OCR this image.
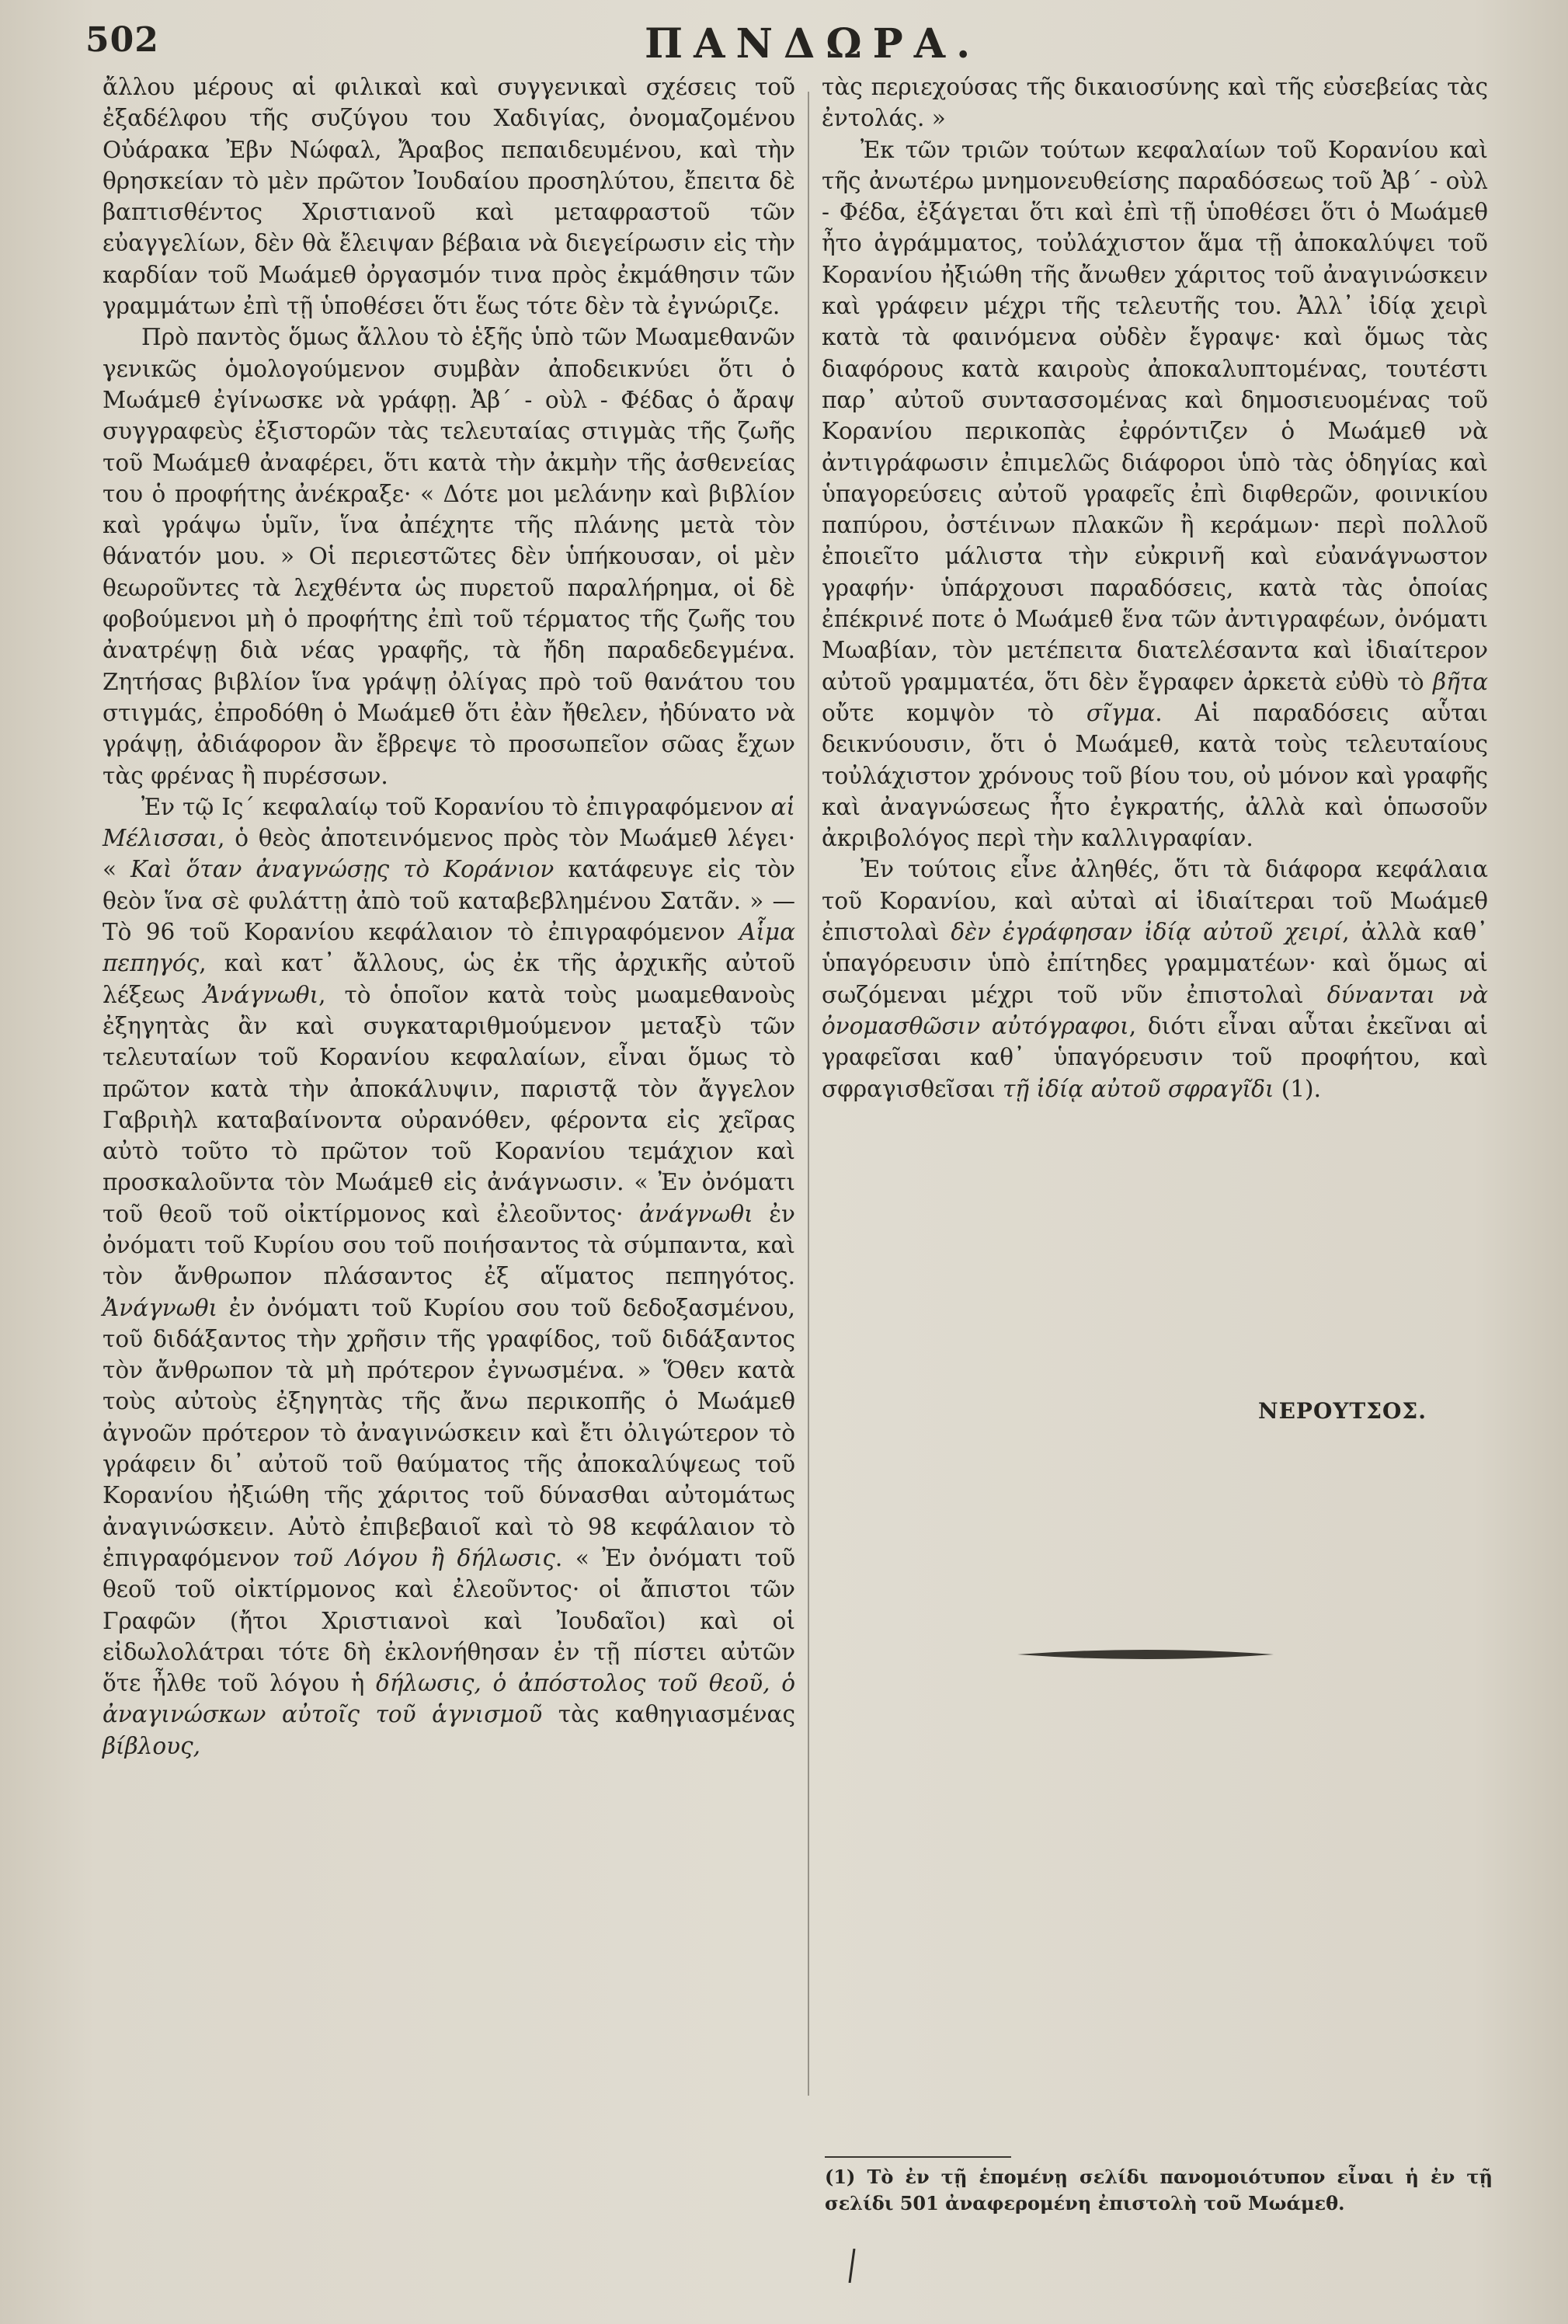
502	ΠΑΝΔΩΡΑ.

ἄλλου μέρους αἱ φιλικαὶ καὶ συγγενικαὶ σχέσεις τοῦ ἐξαδέλφου τῆς συζύγου του Χαδιγίας, ὀνομαζομένου Οὐάρακα Ἐβν Νώφαλ, Ἄραβος πεπαιδευμένου, καὶ τὴν θρησκείαν τὸ μὲν πρῶτον Ἰουδαίου προσηλύτου, ἔπειτα δὲ βαπτισθέντος Χριστιανοῦ καὶ μεταφραστοῦ τῶν εὐαγγελίων, δὲν θὰ ἔλειψαν βέβαια νὰ διεγείρωσιν εἰς τὴν καρδίαν τοῦ Μωάμεθ ὀργασμόν τινα πρὸς ἐκμάθησιν τῶν γραμμάτων ἐπὶ τῇ ὑποθέσει ὅτι ἕως τότε δὲν τὰ ἐγνώριζε.

Πρὸ παντὸς ὅμως ἄλλου τὸ ἑξῆς ὑπὸ τῶν Μωαμεθανῶν γενικῶς ὁμολογούμενον συμβὰν ἀποδεικνύει ὅτι ὁ Μωάμεθ ἐγίνωσκε νὰ γράφῃ. Ἀβ΄ - οὺλ - Φέδας ὁ ἄραψ συγγραφεὺς ἐξιστορῶν τὰς τελευταίας στιγμὰς τῆς ζωῆς τοῦ Μωάμεθ ἀναφέρει, ὅτι κατὰ τὴν ἀκμὴν τῆς ἀσθενείας του ὁ προφήτης ἀνέκραξε· « Δότε μοι μελάνην καὶ βιβλίον καὶ γράψω ὑμῖν, ἵνα ἀπέχητε τῆς πλάνης μετὰ τὸν θάνατόν μου. » Οἱ περιεστῶτες δὲν ὑπήκουσαν, οἱ μὲν θεωροῦντες τὰ λεχθέντα ὡς πυρετοῦ παραλήρημα, οἱ δὲ φοβούμενοι μὴ ὁ προφήτης ἐπὶ τοῦ τέρματος τῆς ζωῆς του ἀνατρέψῃ διὰ νέας γραφῆς, τὰ ἤδη παραδεδεγμένα. Ζητήσας βιβλίον ἵνα γράψῃ ὀλίγας πρὸ τοῦ θανάτου του στιγμάς, ἐπροδόθη ὁ Μωάμεθ ὅτι ἐὰν ἤθελεν, ἠδύνατο νὰ γράψῃ, ἀδιάφορον ἂν ἔβρεψε τὸ προσωπεῖον σῶας ἔχων τὰς φρένας ἢ πυρέσσων.

Ἐν τῷ Ις΄ κεφαλαίῳ τοῦ Κορανίου τὸ ἐπιγραφόμενον αἱ Μέλισσαι, ὁ θεὸς ἀποτεινόμενος πρὸς τὸν Μωάμεθ λέγει· « Καὶ ὅταν ἀναγνώσῃς τὸ Κοράνιον κατάφευγε εἰς τὸν θεὸν ἵνα σὲ φυλάττῃ ἀπὸ τοῦ καταβεβλημένου Σατᾶν. » — Τὸ 96 τοῦ Κορανίου κεφάλαιον τὸ ἐπιγραφόμενον Αἷμα πεπηγός, καὶ κατ᾽ ἄλλους, ὡς ἐκ τῆς ἀρχικῆς αὐτοῦ λέξεως Ἀνάγνωθι, τὸ ὁποῖον κατὰ τοὺς μωαμεθανοὺς ἐξηγητὰς ἂν καὶ συγκαταριθμούμενον μεταξὺ τῶν τελευταίων τοῦ Κορανίου κεφαλαίων, εἶναι ὅμως τὸ πρῶτον κατὰ τὴν ἀποκάλυψιν, παριστᾷ τὸν ἄγγελον Γαβριὴλ καταβαίνοντα οὐρανόθεν, φέροντα εἰς χεῖρας αὐτὸ τοῦτο τὸ πρῶτον τοῦ Κορανίου τεμάχιον καὶ προσκαλοῦντα τὸν Μωάμεθ εἰς ἀνάγνωσιν. « Ἐν ὀνόματι τοῦ θεοῦ τοῦ οἰκτίρμονος καὶ ἐλεοῦντος· ἀνάγνωθι ἐν ὀνόματι τοῦ Κυρίου σου τοῦ ποιήσαντος τὰ σύμπαντα, καὶ τὸν ἄνθρωπον πλάσαντος ἐξ αἵματος πεπηγότος. Ἀνάγνωθι ἐν ὀνόματι τοῦ Κυρίου σου τοῦ δεδοξασμένου, τοῦ διδάξαντος τὴν χρῆσιν τῆς γραφίδος, τοῦ διδάξαντος τὸν ἄνθρωπον τὰ μὴ πρότερον ἐγνωσμένα. » Ὅθεν κατὰ τοὺς αὐτοὺς ἐξηγητὰς τῆς ἄνω περικοπῆς ὁ Μωάμεθ ἀγνοῶν πρότερον τὸ ἀναγινώσκειν καὶ ἔτι ὀλιγώτερον τὸ γράφειν δι᾽ αὐτοῦ τοῦ θαύματος τῆς ἀποκαλύψεως τοῦ Κορανίου ἠξιώθη τῆς χάριτος τοῦ δύνασθαι αὐτομάτως ἀναγινώσκειν. Αὐτὸ ἐπιβεβαιοῖ καὶ τὸ 98 κεφάλαιον τὸ ἐπιγραφόμενον τοῦ Λόγου ἢ δήλωσις. « Ἐν ὀνόματι τοῦ θεοῦ τοῦ οἰκτίρμονος καὶ ἐλεοῦντος· οἱ ἄπιστοι τῶν Γραφῶν (ἤτοι Χριστιανοὶ καὶ Ἰουδαῖοι) καὶ οἱ εἰδωλολάτραι τότε δὴ ἐκλονήθησαν ἐν τῇ πίστει αὐτῶν ὅτε ἦλθε τοῦ λόγου ἡ δήλωσις, ὁ ἀπόστολος τοῦ θεοῦ, ὁ ἀναγινώσκων αὐτοῖς τοῦ ἁγνισμοῦ τὰς καθηγιασμένας βίβλους,

τὰς περιεχούσας τῆς δικαιοσύνης καὶ τῆς εὐσεβείας τὰς ἐντολάς. »

Ἐκ τῶν τριῶν τούτων κεφαλαίων τοῦ Κορανίου καὶ τῆς ἀνωτέρω μνημονευθείσης παραδόσεως τοῦ Ἀβ΄ - οὺλ - Φέδα, ἐξάγεται ὅτι καὶ ἐπὶ τῇ ὑποθέσει ὅτι ὁ Μωάμεθ ἦτο ἀγράμματος, τοὐλάχιστον ἅμα τῇ ἀποκαλύψει τοῦ Κορανίου ἠξιώθη τῆς ἄνωθεν χάριτος τοῦ ἀναγινώσκειν καὶ γράφειν μέχρι τῆς τελευτῆς του. Ἀλλ᾽ ἰδίᾳ χειρὶ κατὰ τὰ φαινόμενα οὐδὲν ἔγραψε· καὶ ὅμως τὰς διαφόρους κατὰ καιροὺς ἀποκαλυπτομένας, τουτέστι παρ᾽ αὐτοῦ συντασσομένας καὶ δημοσιευομένας τοῦ Κορανίου περικοπὰς ἐφρόντιζεν ὁ Μωάμεθ νὰ ἀντιγράφωσιν ἐπιμελῶς διάφοροι ὑπὸ τὰς ὁδηγίας καὶ ὑπαγορεύσεις αὐτοῦ γραφεῖς ἐπὶ διφθερῶν, φοινικίου παπύρου, ὀστέινων πλακῶν ἢ κεράμων· περὶ πολλοῦ ἐποιεῖτο μάλιστα τὴν εὐκρινῆ καὶ εὐανάγνωστον γραφήν· ὑπάρχουσι παραδόσεις, κατὰ τὰς ὁποίας ἐπέκρινέ ποτε ὁ Μωάμεθ ἕνα τῶν ἀντιγραφέων, ὀνόματι Μωαβίαν, τὸν μετέπειτα διατελέσαντα καὶ ἰδιαίτερον αὐτοῦ γραμματέα, ὅτι δὲν ἔγραφεν ἀρκετὰ εὐθὺ τὸ βῆτα οὔτε κομψὸν τὸ σῖγμα. Αἱ παραδόσεις αὗται δεικνύουσιν, ὅτι ὁ Μωάμεθ, κατὰ τοὺς τελευταίους τοὐλάχιστον χρόνους τοῦ βίου του, οὐ μόνον καὶ γραφῆς καὶ ἀναγνώσεως ἦτο ἐγκρατής, ἀλλὰ καὶ ὁπωσοῦν ἀκριβολόγος περὶ τὴν καλλιγραφίαν.

Ἐν τούτοις εἶνε ἀληθές, ὅτι τὰ διάφορα κεφάλαια τοῦ Κορανίου, καὶ αὐταὶ αἱ ἰδιαίτεραι τοῦ Μωάμεθ ἐπιστολαὶ δὲν ἐγράφησαν ἰδίᾳ αὐτοῦ χειρί, ἀλλὰ καθ᾽ ὑπαγόρευσιν ὑπὸ ἐπίτηδες γραμματέων· καὶ ὅμως αἱ σωζόμεναι μέχρι τοῦ νῦν ἐπιστολαὶ δύνανται νὰ ὀνομασθῶσιν αὐτόγραφοι, διότι εἶναι αὗται ἐκεῖναι αἱ γραφεῖσαι καθ᾽ ὑπαγόρευσιν τοῦ προφήτου, καὶ σφραγισθεῖσαι τῇ ἰδίᾳ αὐτοῦ σφραγῖδι (1).

ΝΕΡΟΥΤΣΟΣ.
(1) Τὸ ἐν τῇ ἑπομένῃ σελίδι πανομοιότυπον εἶναι ἡ ἐν τῇ σελίδι 501 ἀναφερομένη ἐπιστολὴ τοῦ Μωάμεθ.
